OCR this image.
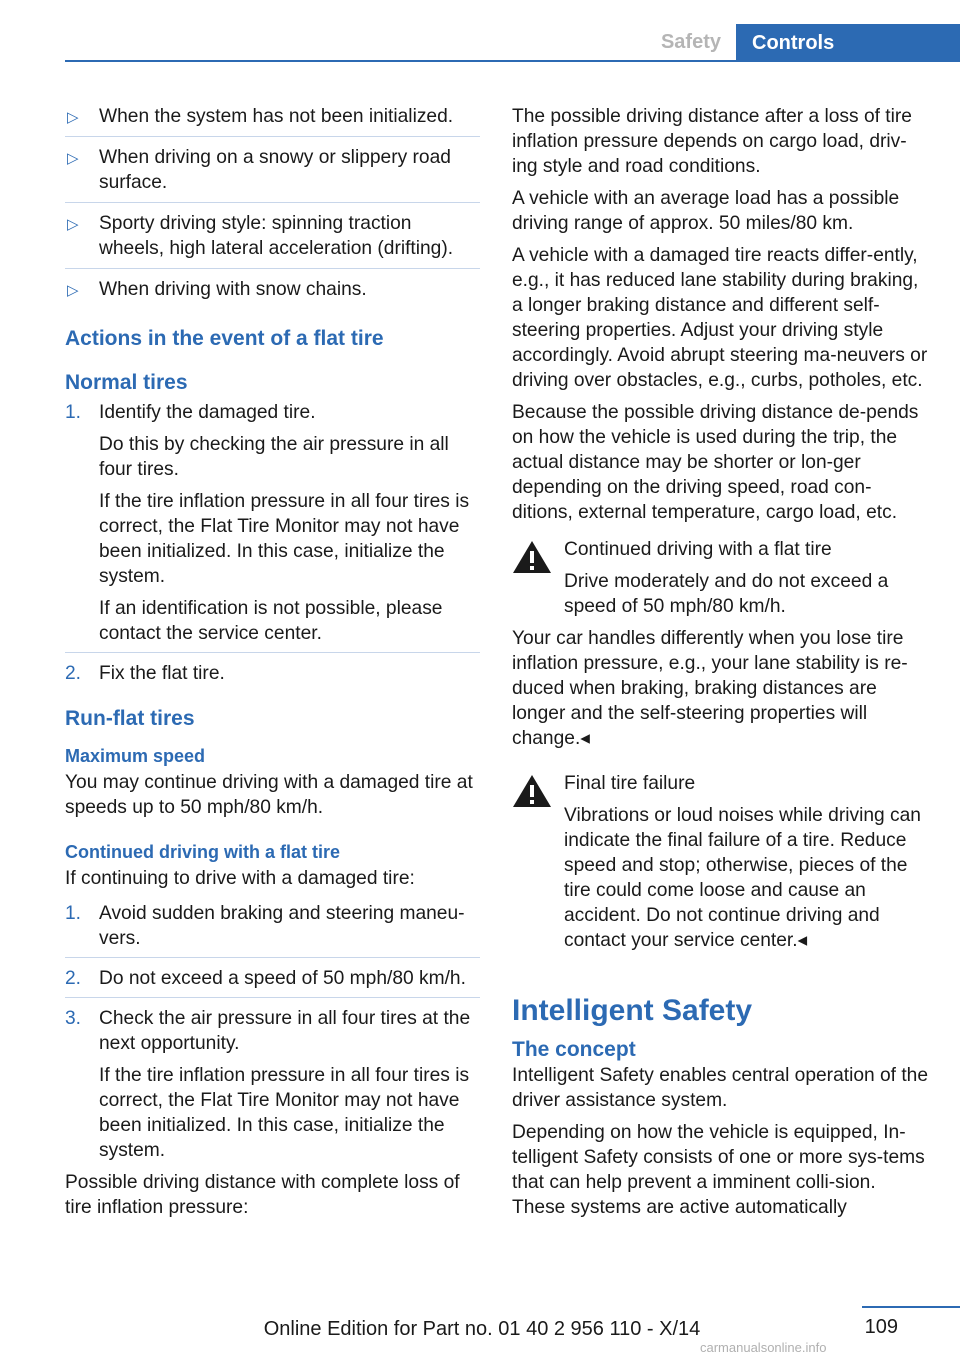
Safety	Controls
▷ When the system has not been initialized.
▷ When driving on a snowy or slippery road surface.
▷ Sporty driving style: spinning traction wheels, high lateral acceleration (drifting).
▷ When driving with snow chains.
Actions in the event of a flat tire
Normal tires
1. Identify the damaged tire.
Do this by checking the air pressure in all four tires.
If the tire inflation pressure in all four tires is correct, the Flat Tire Monitor may not have been initialized. In this case, initialize the system.
If an identification is not possible, please contact the service center.
2. Fix the flat tire.
Run-flat tires
Maximum speed
You may continue driving with a damaged tire at speeds up to 50 mph/80 km/h.
Continued driving with a flat tire
If continuing to drive with a damaged tire:
1. Avoid sudden braking and steering maneu-vers.
2. Do not exceed a speed of 50 mph/80 km/h.
3. Check the air pressure in all four tires at the next opportunity.
If the tire inflation pressure in all four tires is correct, the Flat Tire Monitor may not have been initialized. In this case, initialize the system.
Possible driving distance with complete loss of tire inflation pressure:
The possible driving distance after a loss of tire inflation pressure depends on cargo load, driv-ing style and road conditions.
A vehicle with an average load has a possible driving range of approx. 50 miles/80 km.
A vehicle with a damaged tire reacts differ-ently, e.g., it has reduced lane stability during braking, a longer braking distance and different self-steering properties. Adjust your driving style accordingly. Avoid abrupt steering ma-neuvers or driving over obstacles, e.g., curbs, potholes, etc.
Because the possible driving distance de-pends on how the vehicle is used during the trip, the actual distance may be shorter or lon-ger depending on the driving speed, road con-ditions, external temperature, cargo load, etc.
Continued driving with a flat tire
Drive moderately and do not exceed a speed of 50 mph/80 km/h.
Your car handles differently when you lose tire inflation pressure, e.g., your lane stability is re-duced when braking, braking distances are longer and the self-steering properties will change.◂
Final tire failure
Vibrations or loud noises while driving can indicate the final failure of a tire. Reduce speed and stop; otherwise, pieces of the tire could come loose and cause an accident. Do not continue driving and contact your service center.◂
Intelligent Safety
The concept
Intelligent Safety enables central operation of the driver assistance system.
Depending on how the vehicle is equipped, In-telligent Safety consists of one or more sys-tems that can help prevent a imminent colli-sion. These systems are active automatically
109
Online Edition for Part no. 01 40 2 956 110 - X/14
carmanualsonline.info
